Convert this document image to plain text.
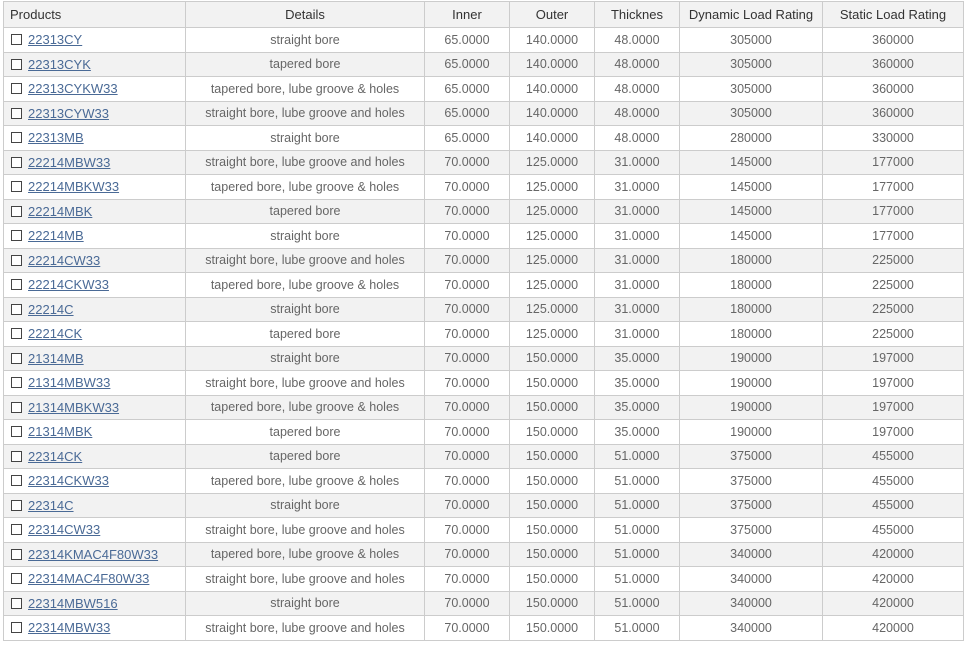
Products	Details	Inner	Outer	Thicknes	Dynamic Load Rating	Static Load Rating
22313CY	straight bore	65.0000	140.0000	48.0000	305000	360000
22313CYK	tapered bore	65.0000	140.0000	48.0000	305000	360000
22313CYKW33	tapered bore, lube groove & holes	65.0000	140.0000	48.0000	305000	360000
22313CYW33	straight bore, lube groove and holes	65.0000	140.0000	48.0000	305000	360000
22313MB	straight bore	65.0000	140.0000	48.0000	280000	330000
22214MBW33	straight bore, lube groove and holes	70.0000	125.0000	31.0000	145000	177000
22214MBKW33	tapered bore, lube groove & holes	70.0000	125.0000	31.0000	145000	177000
22214MBK	tapered bore	70.0000	125.0000	31.0000	145000	177000
22214MB	straight bore	70.0000	125.0000	31.0000	145000	177000
22214CW33	straight bore, lube groove and holes	70.0000	125.0000	31.0000	180000	225000
22214CKW33	tapered bore, lube groove & holes	70.0000	125.0000	31.0000	180000	225000
22214C	straight bore	70.0000	125.0000	31.0000	180000	225000
22214CK	tapered bore	70.0000	125.0000	31.0000	180000	225000
21314MB	straight bore	70.0000	150.0000	35.0000	190000	197000
21314MBW33	straight bore, lube groove and holes	70.0000	150.0000	35.0000	190000	197000
21314MBKW33	tapered bore, lube groove & holes	70.0000	150.0000	35.0000	190000	197000
21314MBK	tapered bore	70.0000	150.0000	35.0000	190000	197000
22314CK	tapered bore	70.0000	150.0000	51.0000	375000	455000
22314CKW33	tapered bore, lube groove & holes	70.0000	150.0000	51.0000	375000	455000
22314C	straight bore	70.0000	150.0000	51.0000	375000	455000
22314CW33	straight bore, lube groove and holes	70.0000	150.0000	51.0000	375000	455000
22314KMAC4F80W33	tapered bore, lube groove & holes	70.0000	150.0000	51.0000	340000	420000
22314MAC4F80W33	straight bore, lube groove and holes	70.0000	150.0000	51.0000	340000	420000
22314MBW516	straight bore	70.0000	150.0000	51.0000	340000	420000
22314MBW33	straight bore, lube groove and holes	70.0000	150.0000	51.0000	340000	420000
